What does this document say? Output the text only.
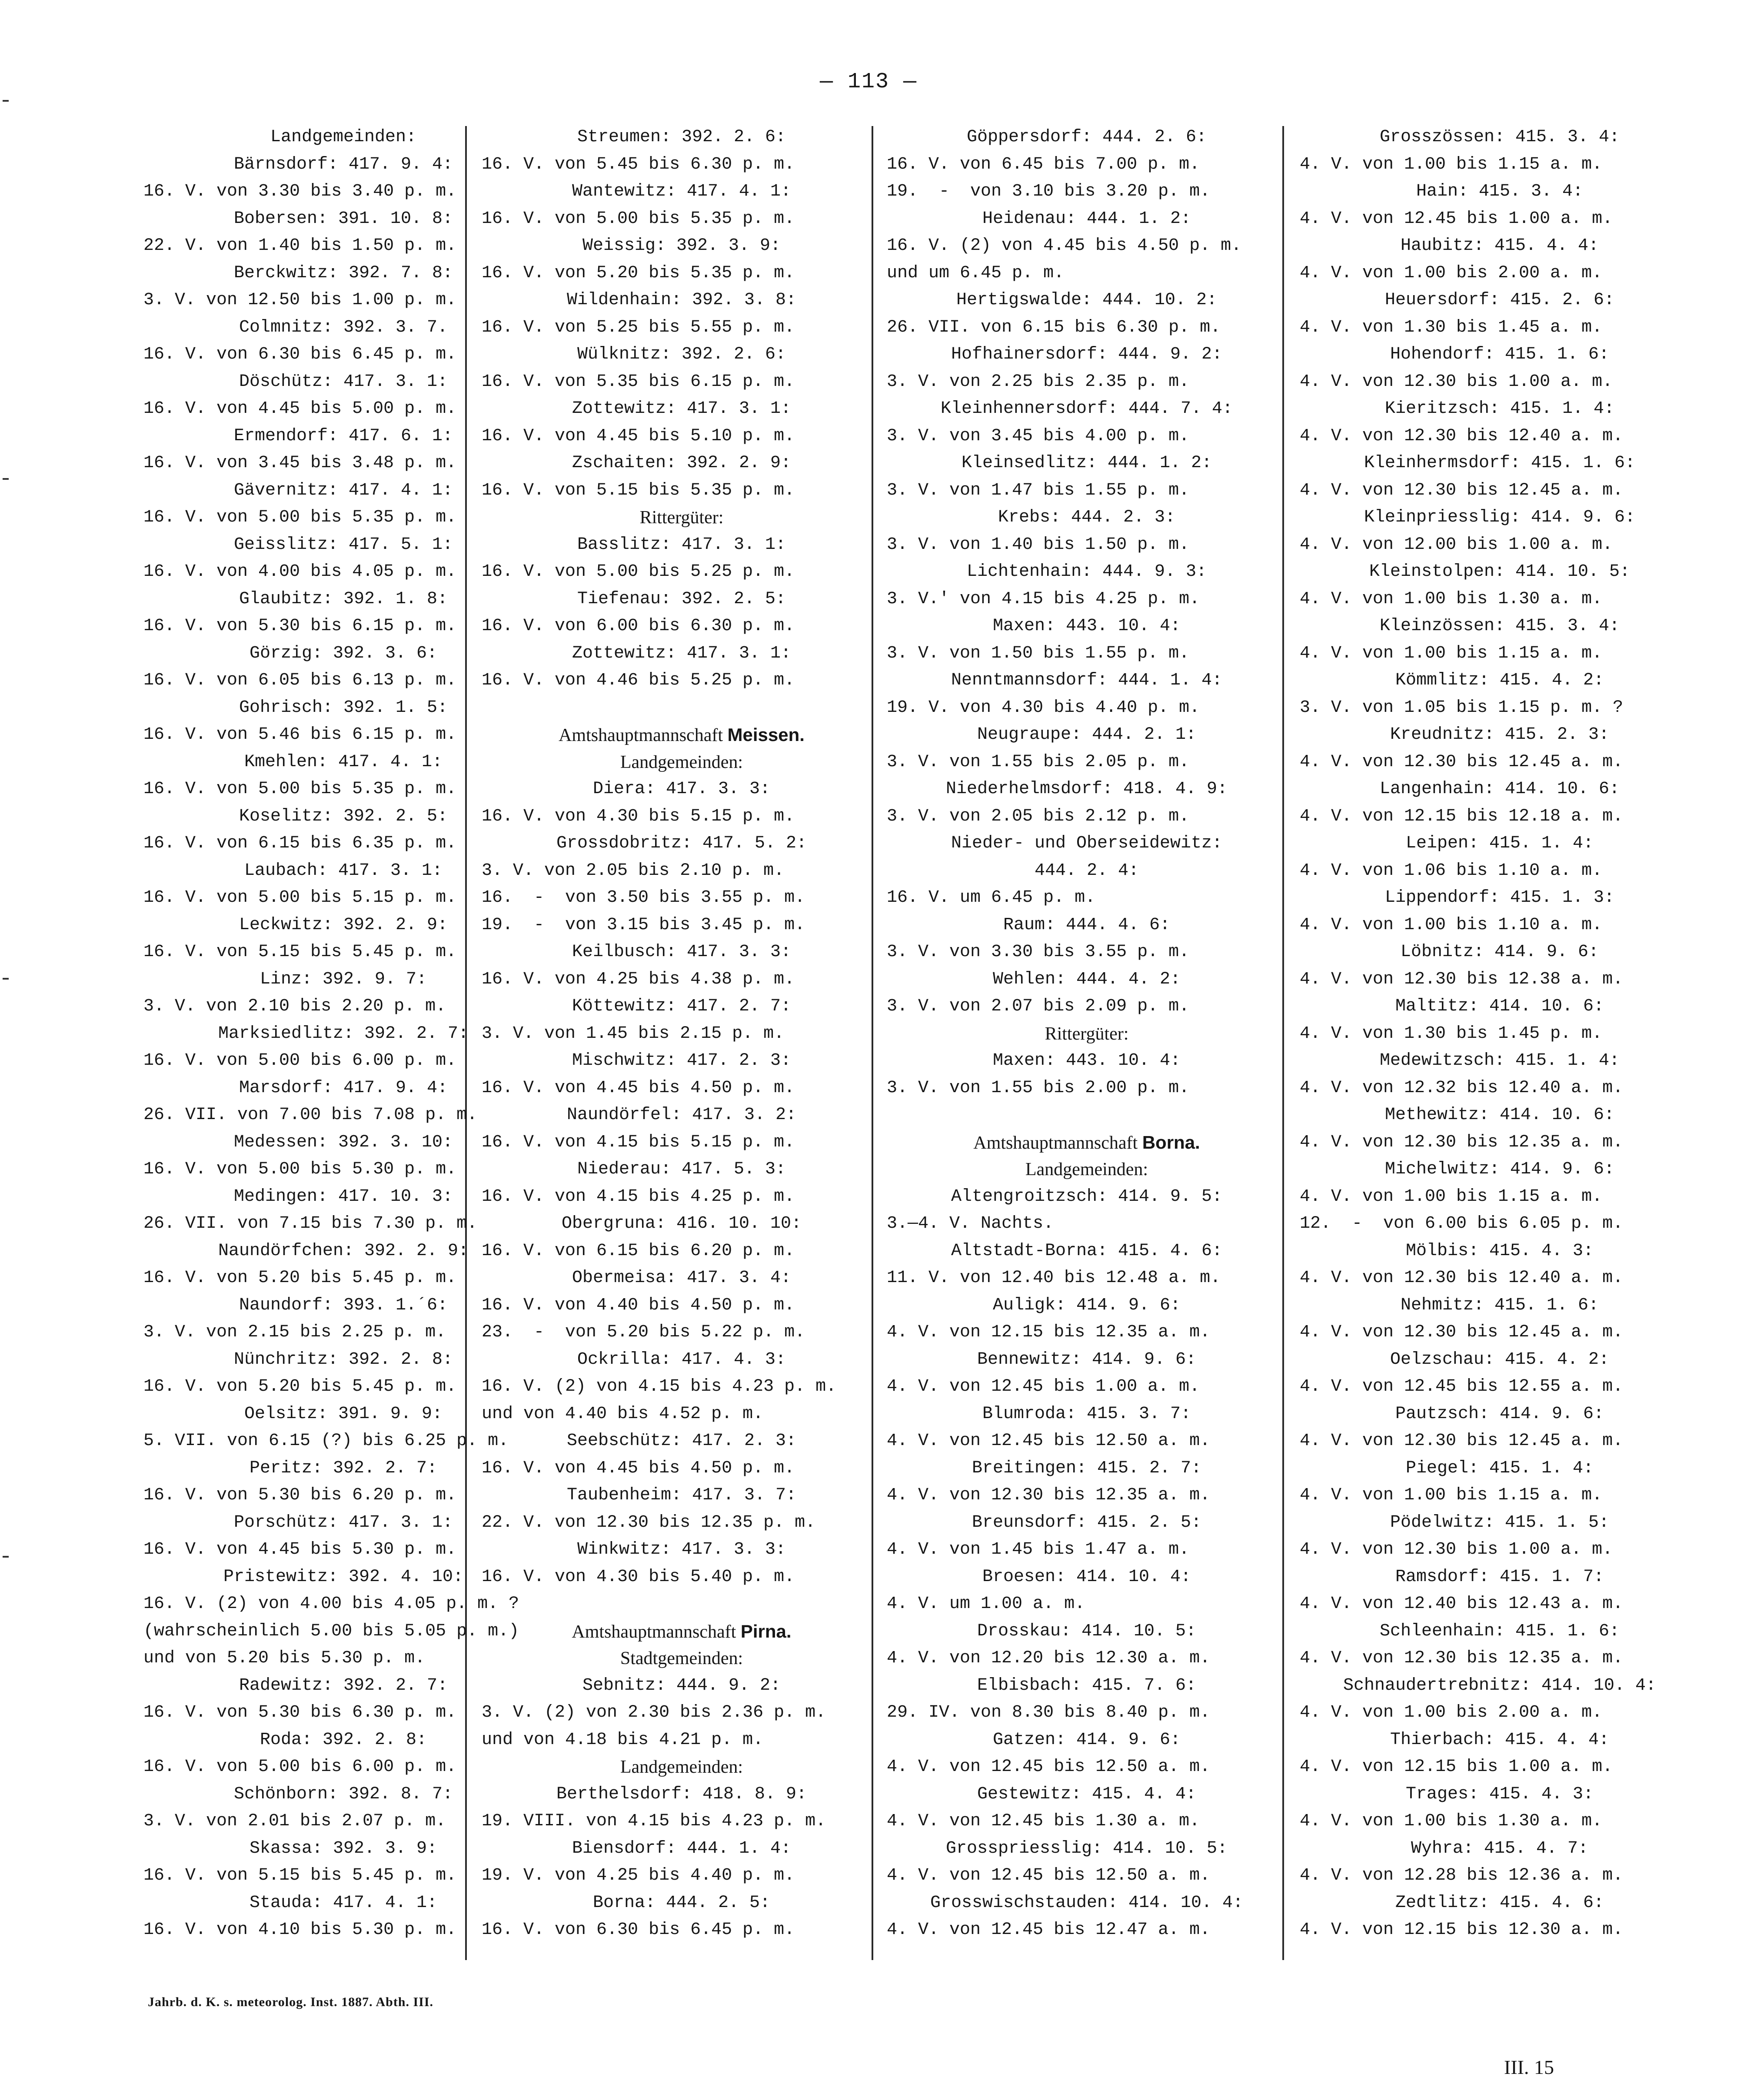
— 113 —
Landgemeinden:
Bärnsdorf: 417. 9. 4:
16. V. von 3.30 bis 3.40 p. m.
Bobersen: 391. 10. 8:
22. V. von 1.40 bis 1.50 p. m.
Berckwitz: 392. 7. 8:
3. V. von 12.50 bis 1.00 p. m.
Colmnitz: 392. 3. 7.
16. V. von 6.30 bis 6.45 p. m.
Döschütz: 417. 3. 1:
16. V. von 4.45 bis 5.00 p. m.
Ermendorf: 417. 6. 1:
16. V. von 3.45 bis 3.48 p. m.
Gävernitz: 417. 4. 1:
16. V. von 5.00 bis 5.35 p. m.
Geisslitz: 417. 5. 1:
16. V. von 4.00 bis 4.05 p. m.
Glaubitz: 392. 1. 8:
16. V. von 5.30 bis 6.15 p. m.
Görzig: 392. 3. 6:
16. V. von 6.05 bis 6.13 p. m.
Gohrisch: 392. 1. 5:
16. V. von 5.46 bis 6.15 p. m.
Kmehlen: 417. 4. 1:
16. V. von 5.00 bis 5.35 p. m.
Koselitz: 392. 2. 5:
16. V. von 6.15 bis 6.35 p. m.
Laubach: 417. 3. 1:
16. V. von 5.00 bis 5.15 p. m.
Leckwitz: 392. 2. 9:
16. V. von 5.15 bis 5.45 p. m.
Linz: 392. 9. 7:
3. V. von 2.10 bis 2.20 p. m.
Marksiedlitz: 392. 2. 7:
16. V. von 5.00 bis 6.00 p. m.
Marsdorf: 417. 9. 4:
26. VII. von 7.00 bis 7.08 p. m.
Medessen: 392. 3. 10:
16. V. von 5.00 bis 5.30 p. m.
Medingen: 417. 10. 3:
26. VII. von 7.15 bis 7.30 p. m.
Naundörfchen: 392. 2. 9:
16. V. von 5.20 bis 5.45 p. m.
Naundorf: 393. 1.´6:
3. V. von 2.15 bis 2.25 p. m.
Nünchritz: 392. 2. 8:
16. V. von 5.20 bis 5.45 p. m.
Oelsitz: 391. 9. 9:
5. VII. von 6.15 (?) bis 6.25 p. m.
Peritz: 392. 2. 7:
16. V. von 5.30 bis 6.20 p. m.
Porschütz: 417. 3. 1:
16. V. von 4.45 bis 5.30 p. m.
Pristewitz: 392. 4. 10:
16. V. (2) von 4.00 bis 4.05 p. m. ?
(wahrscheinlich 5.00 bis 5.05 p. m.)
und von 5.20 bis 5.30 p. m.
Radewitz: 392. 2. 7:
16. V. von 5.30 bis 6.30 p. m.
Roda: 392. 2. 8:
16. V. von 5.00 bis 6.00 p. m.
Schönborn: 392. 8. 7:
3. V. von 2.01 bis 2.07 p. m.
Skassa: 392. 3. 9:
16. V. von 5.15 bis 5.45 p. m.
Stauda: 417. 4. 1:
16. V. von 4.10 bis 5.30 p. m.
Streumen: 392. 2. 6:
16. V. von 5.45 bis 6.30 p. m.
Wantewitz: 417. 4. 1:
16. V. von 5.00 bis 5.35 p. m.
Weissig: 392. 3. 9:
16. V. von 5.20 bis 5.35 p. m.
Wildenhain: 392. 3. 8:
16. V. von 5.25 bis 5.55 p. m.
Wülknitz: 392. 2. 6:
16. V. von 5.35 bis 6.15 p. m.
Zottewitz: 417. 3. 1:
16. V. von 4.45 bis 5.10 p. m.
Zschaiten: 392. 2. 9:
16. V. von 5.15 bis 5.35 p. m.
Rittergüter:
Basslitz: 417. 3. 1:
16. V. von 5.00 bis 5.25 p. m.
Tiefenau: 392. 2. 5:
16. V. von 6.00 bis 6.30 p. m.
Zottewitz: 417. 3. 1:
16. V. von 4.46 bis 5.25 p. m.
Amtshauptmannschaft Meissen.
Landgemeinden:
Diera: 417. 3. 3:
16. V. von 4.30 bis 5.15 p. m.
Grossdobritz: 417. 5. 2:
3. V. von 2.05 bis 2.10 p. m.
16.  -  von 3.50 bis 3.55 p. m.
19.  -  von 3.15 bis 3.45 p. m.
Keilbusch: 417. 3. 3:
16. V. von 4.25 bis 4.38 p. m.
Köttewitz: 417. 2. 7:
3. V. von 1.45 bis 2.15 p. m.
Mischwitz: 417. 2. 3:
16. V. von 4.45 bis 4.50 p. m.
Naundörfel: 417. 3. 2:
16. V. von 4.15 bis 5.15 p. m.
Niederau: 417. 5. 3:
16. V. von 4.15 bis 4.25 p. m.
Obergruna: 416. 10. 10:
16. V. von 6.15 bis 6.20 p. m.
Obermeisa: 417. 3. 4:
16. V. von 4.40 bis 4.50 p. m.
23.  -  von 5.20 bis 5.22 p. m.
Ockrilla: 417. 4. 3:
16. V. (2) von 4.15 bis 4.23 p. m.
und von 4.40 bis 4.52 p. m.
Seebschütz: 417. 2. 3:
16. V. von 4.45 bis 4.50 p. m.
Taubenheim: 417. 3. 7:
22. V. von 12.30 bis 12.35 p. m.
Winkwitz: 417. 3. 3:
16. V. von 4.30 bis 5.40 p. m.
Amtshauptmannschaft Pirna.
Stadtgemeinden:
Sebnitz: 444. 9. 2:
3. V. (2) von 2.30 bis 2.36 p. m.
und von 4.18 bis 4.21 p. m.
Landgemeinden:
Berthelsdorf: 418. 8. 9:
19. VIII. von 4.15 bis 4.23 p. m.
Biensdorf: 444. 1. 4:
19. V. von 4.25 bis 4.40 p. m.
Borna: 444. 2. 5:
16. V. von 6.30 bis 6.45 p. m.
Göppersdorf: 444. 2. 6:
16. V. von 6.45 bis 7.00 p. m.
19.  -  von 3.10 bis 3.20 p. m.
Heidenau: 444. 1. 2:
16. V. (2) von 4.45 bis 4.50 p. m.
und um 6.45 p. m.
Hertigswalde: 444. 10. 2:
26. VII. von 6.15 bis 6.30 p. m.
Hofhainersdorf: 444. 9. 2:
3. V. von 2.25 bis 2.35 p. m.
Kleinhennersdorf: 444. 7. 4:
3. V. von 3.45 bis 4.00 p. m.
Kleinsedlitz: 444. 1. 2:
3. V. von 1.47 bis 1.55 p. m.
Krebs: 444. 2. 3:
3. V. von 1.40 bis 1.50 p. m.
Lichtenhain: 444. 9. 3:
3. V.' von 4.15 bis 4.25 p. m.
Maxen: 443. 10. 4:
3. V. von 1.50 bis 1.55 p. m.
Nenntmannsdorf: 444. 1. 4:
19. V. von 4.30 bis 4.40 p. m.
Neugraupe: 444. 2. 1:
3. V. von 1.55 bis 2.05 p. m.
Niederhelmsdorf: 418. 4. 9:
3. V. von 2.05 bis 2.12 p. m.
Nieder- und Oberseidewitz:
444. 2. 4:
16. V. um 6.45 p. m.
Raum: 444. 4. 6:
3. V. von 3.30 bis 3.55 p. m.
Wehlen: 444. 4. 2:
3. V. von 2.07 bis 2.09 p. m.
Rittergüter:
Maxen: 443. 10. 4:
3. V. von 1.55 bis 2.00 p. m.
Amtshauptmannschaft Borna.
Landgemeinden:
Altengroitzsch: 414. 9. 5:
3.—4. V. Nachts.
Altstadt-Borna: 415. 4. 6:
11. V. von 12.40 bis 12.48 a. m.
Auligk: 414. 9. 6:
4. V. von 12.15 bis 12.35 a. m.
Bennewitz: 414. 9. 6:
4. V. von 12.45 bis 1.00 a. m.
Blumroda: 415. 3. 7:
4. V. von 12.45 bis 12.50 a. m.
Breitingen: 415. 2. 7:
4. V. von 12.30 bis 12.35 a. m.
Breunsdorf: 415. 2. 5:
4. V. von 1.45 bis 1.47 a. m.
Broesen: 414. 10. 4:
4. V. um 1.00 a. m.
Drosskau: 414. 10. 5:
4. V. von 12.20 bis 12.30 a. m.
Elbisbach: 415. 7. 6:
29. IV. von 8.30 bis 8.40 p. m.
Gatzen: 414. 9. 6:
4. V. von 12.45 bis 12.50 a. m.
Gestewitz: 415. 4. 4:
4. V. von 12.45 bis 1.30 a. m.
Grosspriesslig: 414. 10. 5:
4. V. von 12.45 bis 12.50 a. m.
Grosswischstauden: 414. 10. 4:
4. V. von 12.45 bis 12.47 a. m.
Grosszössen: 415. 3. 4:
4. V. von 1.00 bis 1.15 a. m.
Hain: 415. 3. 4:
4. V. von 12.45 bis 1.00 a. m.
Haubitz: 415. 4. 4:
4. V. von 1.00 bis 2.00 a. m.
Heuersdorf: 415. 2. 6:
4. V. von 1.30 bis 1.45 a. m.
Hohendorf: 415. 1. 6:
4. V. von 12.30 bis 1.00 a. m.
Kieritzsch: 415. 1. 4:
4. V. von 12.30 bis 12.40 a. m.
Kleinhermsdorf: 415. 1. 6:
4. V. von 12.30 bis 12.45 a. m.
Kleinpriesslig: 414. 9. 6:
4. V. von 12.00 bis 1.00 a. m.
Kleinstolpen: 414. 10. 5:
4. V. von 1.00 bis 1.30 a. m.
Kleinzössen: 415. 3. 4:
4. V. von 1.00 bis 1.15 a. m.
Kömmlitz: 415. 4. 2:
3. V. von 1.05 bis 1.15 p. m. ?
Kreudnitz: 415. 2. 3:
4. V. von 12.30 bis 12.45 a. m.
Langenhain: 414. 10. 6:
4. V. von 12.15 bis 12.18 a. m.
Leipen: 415. 1. 4:
4. V. von 1.06 bis 1.10 a. m.
Lippendorf: 415. 1. 3:
4. V. von 1.00 bis 1.10 a. m.
Löbnitz: 414. 9. 6:
4. V. von 12.30 bis 12.38 a. m.
Maltitz: 414. 10. 6:
4. V. von 1.30 bis 1.45 p. m.
Medewitzsch: 415. 1. 4:
4. V. von 12.32 bis 12.40 a. m.
Methewitz: 414. 10. 6:
4. V. von 12.30 bis 12.35 a. m.
Michelwitz: 414. 9. 6:
4. V. von 1.00 bis 1.15 a. m.
12.  -  von 6.00 bis 6.05 p. m.
Mölbis: 415. 4. 3:
4. V. von 12.30 bis 12.40 a. m.
Nehmitz: 415. 1. 6:
4. V. von 12.30 bis 12.45 a. m.
Oelzschau: 415. 4. 2:
4. V. von 12.45 bis 12.55 a. m.
Pautzsch: 414. 9. 6:
4. V. von 12.30 bis 12.45 a. m.
Piegel: 415. 1. 4:
4. V. von 1.00 bis 1.15 a. m.
Pödelwitz: 415. 1. 5:
4. V. von 12.30 bis 1.00 a. m.
Ramsdorf: 415. 1. 7:
4. V. von 12.40 bis 12.43 a. m.
Schleenhain: 415. 1. 6:
4. V. von 12.30 bis 12.35 a. m.
Schnaudertrebnitz: 414. 10. 4:
4. V. von 1.00 bis 2.00 a. m.
Thierbach: 415. 4. 4:
4. V. von 12.15 bis 1.00 a. m.
Trages: 415. 4. 3:
4. V. von 1.00 bis 1.30 a. m.
Wyhra: 415. 4. 7:
4. V. von 12.28 bis 12.36 a. m.
Zedtlitz: 415. 4. 6:
4. V. von 12.15 bis 12.30 a. m.
Jahrb. d. K. s. meteorolog. Inst. 1887. Abth. III.
III. 15
